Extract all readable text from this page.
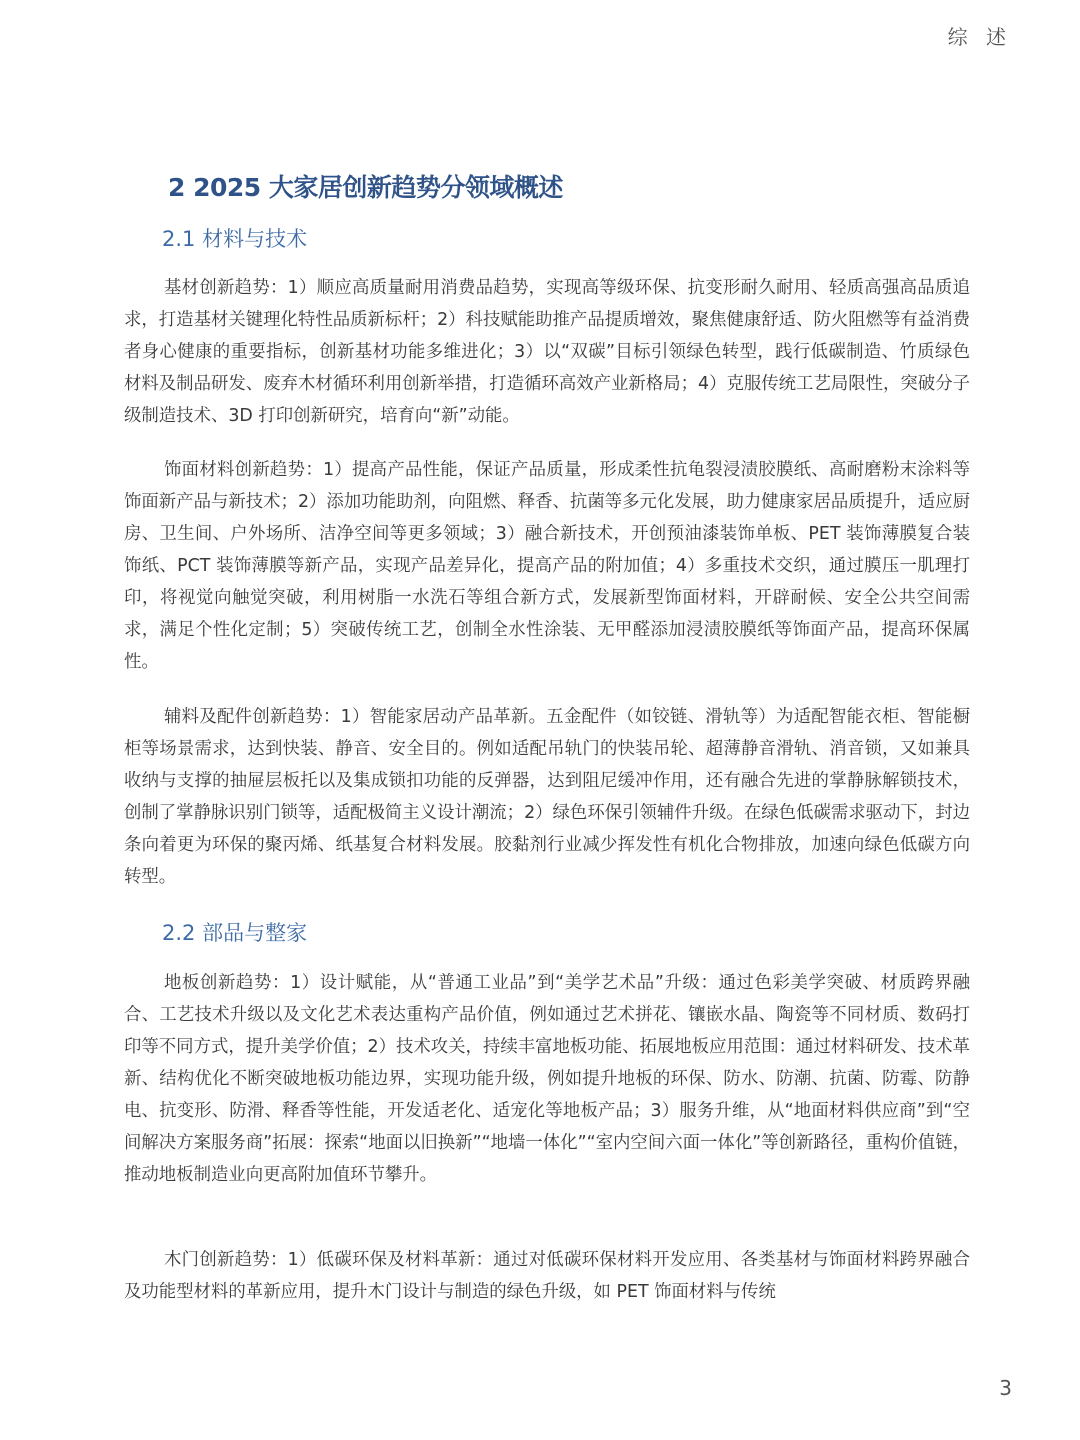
综 述
2 2025 大家居创新趋势分领域概述
2.1 材料与技术

基材创新趋势：1）顺应高质量耐用消费品趋势，实现高等级环保、抗变形耐久耐用、轻质高强高品质追求，打造基材关键理化特性品质新标杆；2）科技赋能助推产品提质增效，聚焦健康舒适、防火阻燃等有益消费者身心健康的重要指标，创新基材功能多维进化；3）以“双碳”目标引领绿色转型，践行低碳制造、竹质绿色材料及制品研发、废弃木材循环利用创新举措，打造循环高效产业新格局；4）克服传统工艺局限性，突破分子级制造技术、3D 打印创新研究，培育向“新”动能。

饰面材料创新趋势：1）提高产品性能，保证产品质量，形成柔性抗龟裂浸渍胶膜纸、高耐磨粉末涂料等饰面新产品与新技术；2）添加功能助剂，向阻燃、释香、抗菌等多元化发展，助力健康家居品质提升，适应厨房、卫生间、户外场所、洁净空间等更多领域；3）融合新技术，开创预油漆装饰单板、PET 装饰薄膜复合装饰纸、PCT 装饰薄膜等新产品，实现产品差异化，提高产品的附加值；4）多重技术交织，通过膜压一肌理打印，将视觉向触觉突破，利用树脂一水洗石等组合新方式，发展新型饰面材料，开辟耐候、安全公共空间需求，满足个性化定制；5）突破传统工艺，创制全水性涂装、无甲醛添加浸渍胶膜纸等饰面产品，提高环保属性。

辅料及配件创新趋势：1）智能家居动产品革新。五金配件（如铰链、滑轨等）为适配智能衣柜、智能橱柜等场景需求，达到快装、静音、安全目的。例如适配吊轨门的快装吊轮、超薄静音滑轨、消音锁，又如兼具收纳与支撑的抽屉层板托以及集成锁扣功能的反弹器，达到阻尼缓冲作用，还有融合先进的掌静脉解锁技术，创制了掌静脉识别门锁等，适配极简主义设计潮流；2）绿色环保引领辅件升级。在绿色低碳需求驱动下，封边条向着更为环保的聚丙烯、纸基复合材料发展。胶黏剂行业减少挥发性有机化合物排放，加速向绿色低碳方向转型。

2.2 部品与整家

地板创新趋势：1）设计赋能，从“普通工业品”到“美学艺术品”升级：通过色彩美学突破、材质跨界融合、工艺技术升级以及文化艺术表达重构产品价值，例如通过艺术拼花、镶嵌水晶、陶瓷等不同材质、数码打印等不同方式，提升美学价值；2）技术攻关，持续丰富地板功能、拓展地板应用范围：通过材料研发、技术革新、结构优化不断突破地板功能边界，实现功能升级，例如提升地板的环保、防水、防潮、抗菌、防霉、防静电、抗变形、防滑、释香等性能，开发适老化、适宠化等地板产品；3）服务升维，从“地面材料供应商”到“空间解决方案服务商”拓展：探索“地面以旧换新”“地墙一体化”“室内空间六面一体化”等创新路径，重构价值链，推动地板制造业向更高附加值环节攀升。

木门创新趋势：1）低碳环保及材料革新：通过对低碳环保材料开发应用、各类基材与饰面材料跨界融合及功能型材料的革新应用，提升木门设计与制造的绿色升级，如 PET 饰面材料与传统

3
